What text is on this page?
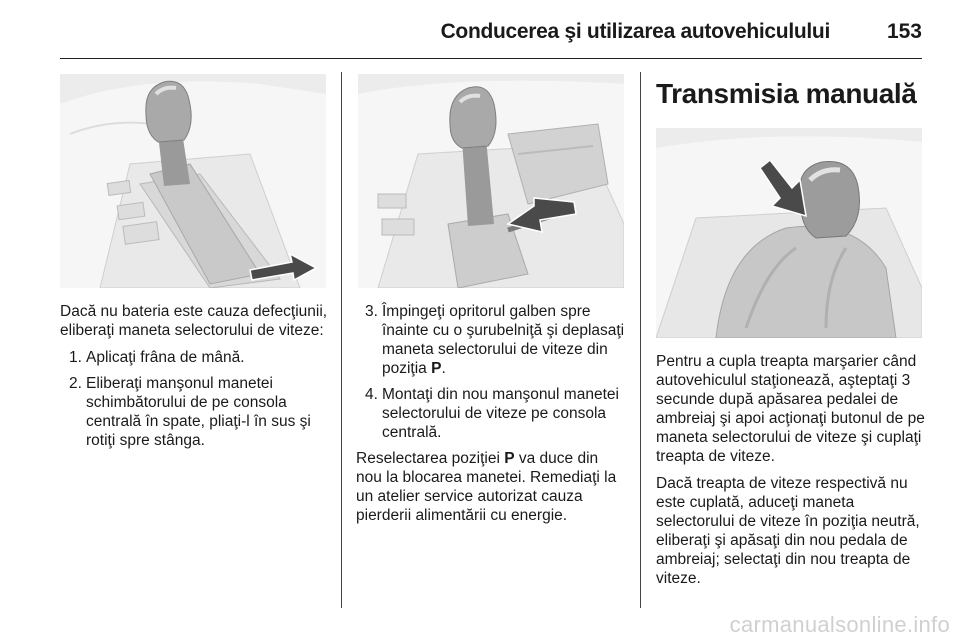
Conducerea şi utilizarea autovehiculului	153

Dacă nu bateria este cauza defecţiunii, eliberaţi maneta selectorului de viteze:

1. Aplicaţi frâna de mână.
2. Eliberaţi manşonul manetei schimbătorului de pe consola centrală în spate, pliaţi-l în sus şi rotiţi spre stânga.
3. Împingeţi opritorul galben spre înainte cu o şurubelniţă şi deplasaţi maneta selectorului de viteze din poziţia P.
4. Montaţi din nou manşonul manetei selectorului de viteze pe consola centrală.

Reselectarea poziţiei P va duce din nou la blocarea manetei. Remediaţi la un atelier service autorizat cauza pierderii alimentării cu energie.

Transmisia manuală

Pentru a cupla treapta marşarier când autovehiculul staţionează, aşteptaţi 3 secunde după apăsarea pedalei de ambreiaj şi apoi acţionaţi butonul de pe maneta selectorului de viteze şi cuplaţi treapta de viteze.

Dacă treapta de viteze respectivă nu este cuplată, aduceţi maneta selectorului de viteze în poziţia neutră, eliberaţi şi apăsaţi din nou pedala de ambreiaj; selectaţi din nou treapta de viteze.

carmanualsonline.info
